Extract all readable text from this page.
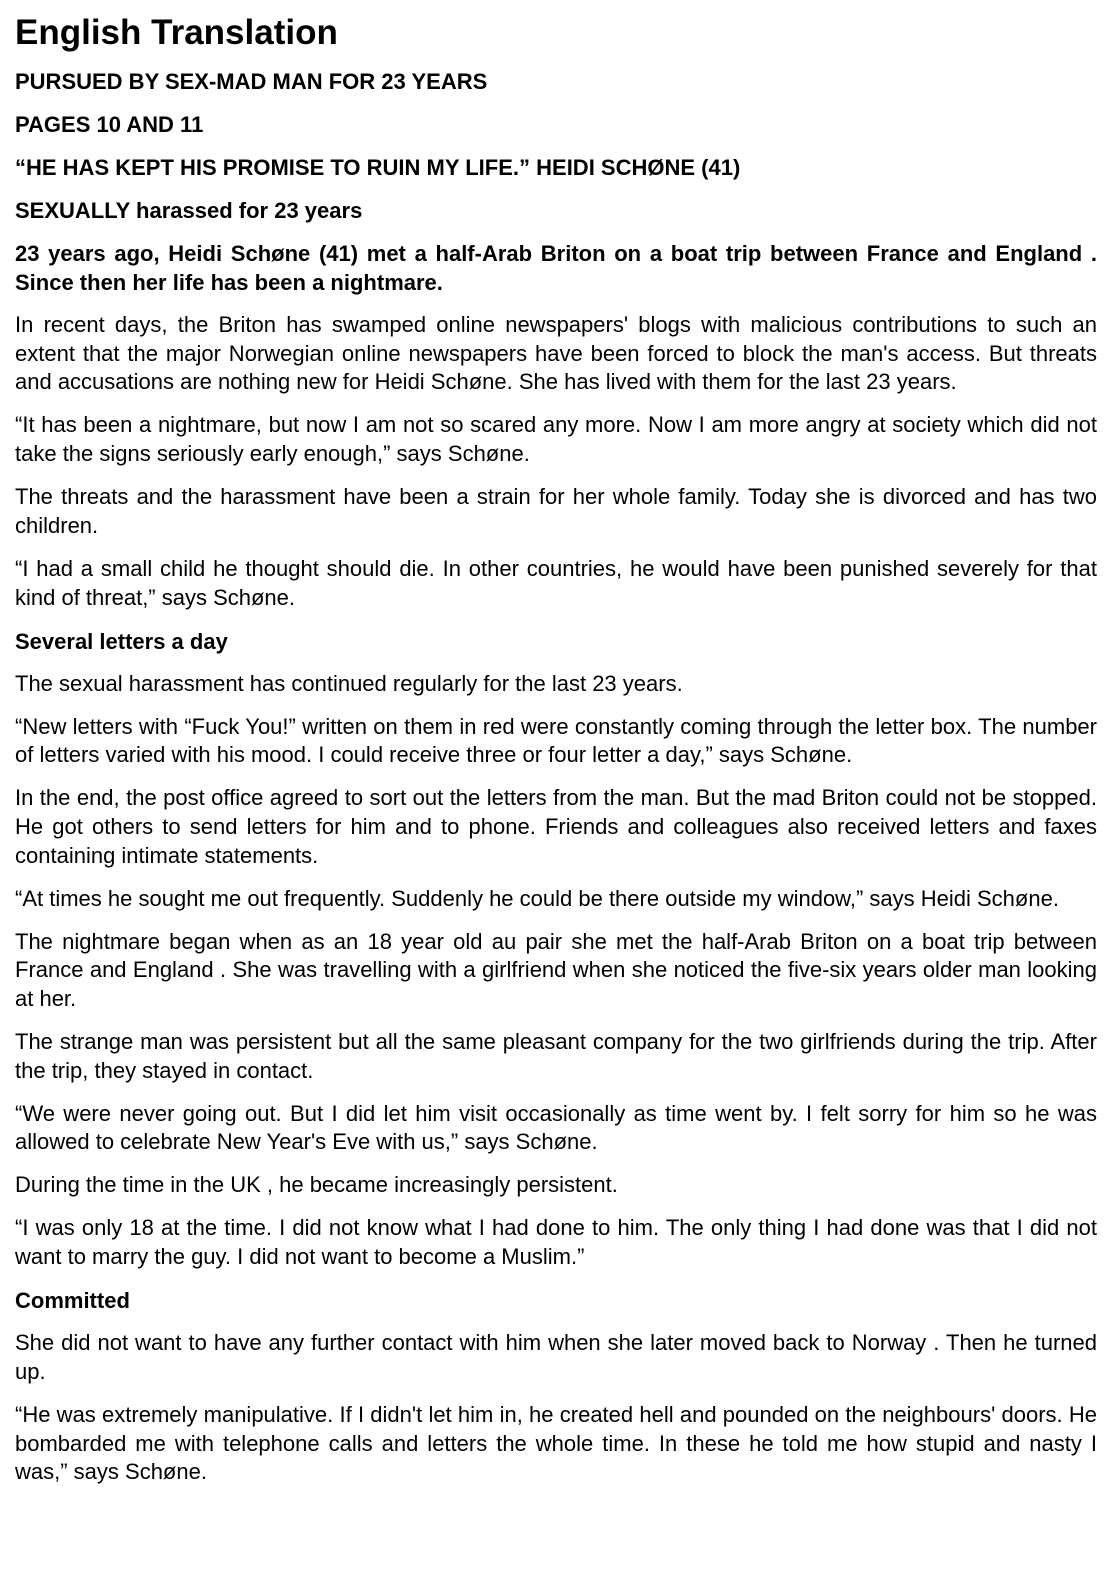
English Translation
PURSUED BY SEX-MAD MAN FOR 23 YEARS
PAGES 10 AND 11
“HE HAS KEPT HIS PROMISE TO RUIN MY LIFE.” HEIDI SCHØNE (41)
SEXUALLY harassed for 23 years

23 years ago, Heidi Schøne (41) met a half-Arab Briton on a boat trip between France and England . Since then her life has been a nightmare.

In recent days, the Briton has swamped online newspapers' blogs with malicious contributions to such an extent that the major Norwegian online newspapers have been forced to block the man's access. But threats and accusations are nothing new for Heidi Schøne. She has lived with them for the last 23 years.

“It has been a nightmare, but now I am not so scared any more. Now I am more angry at society which did not take the signs seriously early enough,” says Schøne.

The threats and the harassment have been a strain for her whole family. Today she is divorced and has two children.

“I had a small child he thought should die. In other countries, he would have been punished severely for that kind of threat,” says Schøne.

Several letters a day

The sexual harassment has continued regularly for the last 23 years.

“New letters with “Fuck You!” written on them in red were constantly coming through the letter box. The number of letters varied with his mood. I could receive three or four letter a day,” says Schøne.

In the end, the post office agreed to sort out the letters from the man. But the mad Briton could not be stopped. He got others to send letters for him and to phone. Friends and colleagues also received letters and faxes containing intimate statements.

“At times he sought me out frequently. Suddenly he could be there outside my window,” says Heidi Schøne.

The nightmare began when as an 18 year old au pair she met the half-Arab Briton on a boat trip between France and England . She was travelling with a girlfriend when she noticed the five-six years older man looking at her.

The strange man was persistent but all the same pleasant company for the two girlfriends during the trip. After the trip, they stayed in contact.

“We were never going out. But I did let him visit occasionally as time went by. I felt sorry for him so he was allowed to celebrate New Year's Eve with us,” says Schøne.

During the time in the UK , he became increasingly persistent.

“I was only 18 at the time. I did not know what I had done to him. The only thing I had done was that I did not want to marry the guy. I did not want to become a Muslim.”

Committed

She did not want to have any further contact with him when she later moved back to Norway . Then he turned up.

“He was extremely manipulative. If I didn't let him in, he created hell and pounded on the neighbours' doors. He bombarded me with telephone calls and letters the whole time. In these he told me how stupid and nasty I was,” says Schøne.
